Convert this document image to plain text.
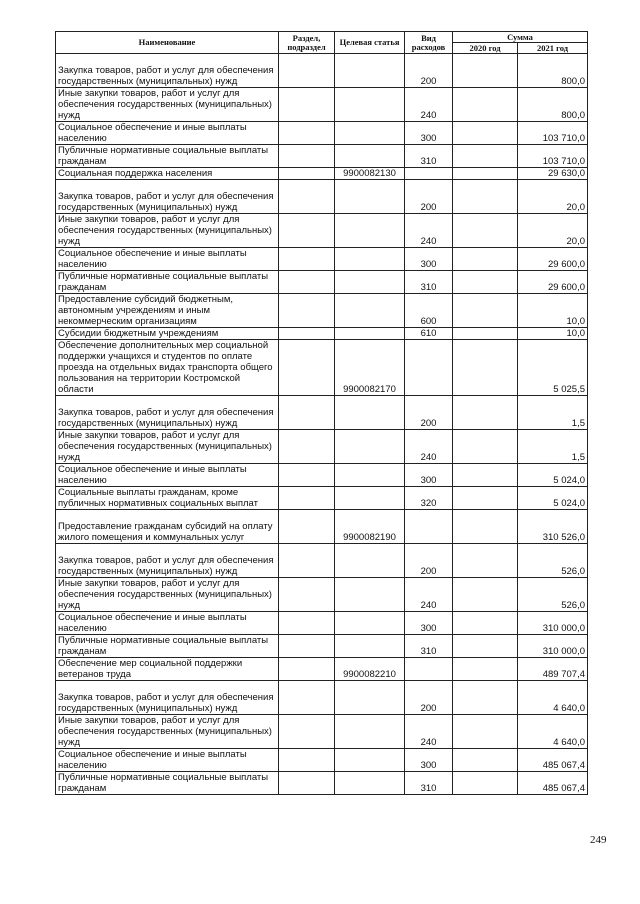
Наименование	Раздел, подраздел	Целевая статья	Вид расходов	Сумма	
				2020 год	2021 год
Закупка товаров, работ и услуг для обеспечения государственных (муниципальных) нужд			200		800,0
Иные закупки товаров, работ и услуг для обеспечения государственных (муниципальных) нужд			240		800,0
Социальное обеспечение и иные выплаты населению			300		103 710,0
Публичные нормативные социальные выплаты гражданам			310		103 710,0
Социальная поддержка населения		9900082130			29 630,0
Закупка товаров, работ и услуг для обеспечения государственных (муниципальных) нужд			200		20,0
Иные закупки товаров, работ и услуг для обеспечения государственных (муниципальных) нужд			240		20,0
Социальное обеспечение и иные выплаты населению			300		29 600,0
Публичные нормативные социальные выплаты гражданам			310		29 600,0
Предоставление субсидий бюджетным, автономным учреждениям и иным некоммерческим организациям			600		10,0
Субсидии бюджетным учреждениям			610		10,0
Обеспечение дополнительных мер социальной поддержки учащихся и студентов по оплате проезда на отдельных видах транспорта общего пользования на территории Костромской области		9900082170			5 025,5
Закупка товаров, работ и услуг для обеспечения государственных (муниципальных) нужд			200		1,5
Иные закупки товаров, работ и услуг для обеспечения государственных (муниципальных) нужд			240		1,5
Социальное обеспечение и иные выплаты населению			300		5 024,0
Социальные выплаты гражданам, кроме публичных нормативных социальных выплат			320		5 024,0
Предоставление гражданам субсидий на оплату жилого помещения и коммунальных услуг		9900082190			310 526,0
Закупка товаров, работ и услуг для обеспечения государственных (муниципальных) нужд			200		526,0
Иные закупки товаров, работ и услуг для обеспечения государственных (муниципальных) нужд			240		526,0
Социальное обеспечение и иные выплаты населению			300		310 000,0
Публичные нормативные социальные выплаты гражданам			310		310 000,0
Обеспечение мер социальной поддержки ветеранов труда		9900082210			489 707,4
Закупка товаров, работ и услуг для обеспечения государственных (муниципальных) нужд			200		4 640,0
Иные закупки товаров, работ и услуг для обеспечения государственных (муниципальных) нужд			240		4 640,0
Социальное обеспечение и иные выплаты населению			300		485 067,4
Публичные нормативные социальные выплаты гражданам			310		485 067,4
249
